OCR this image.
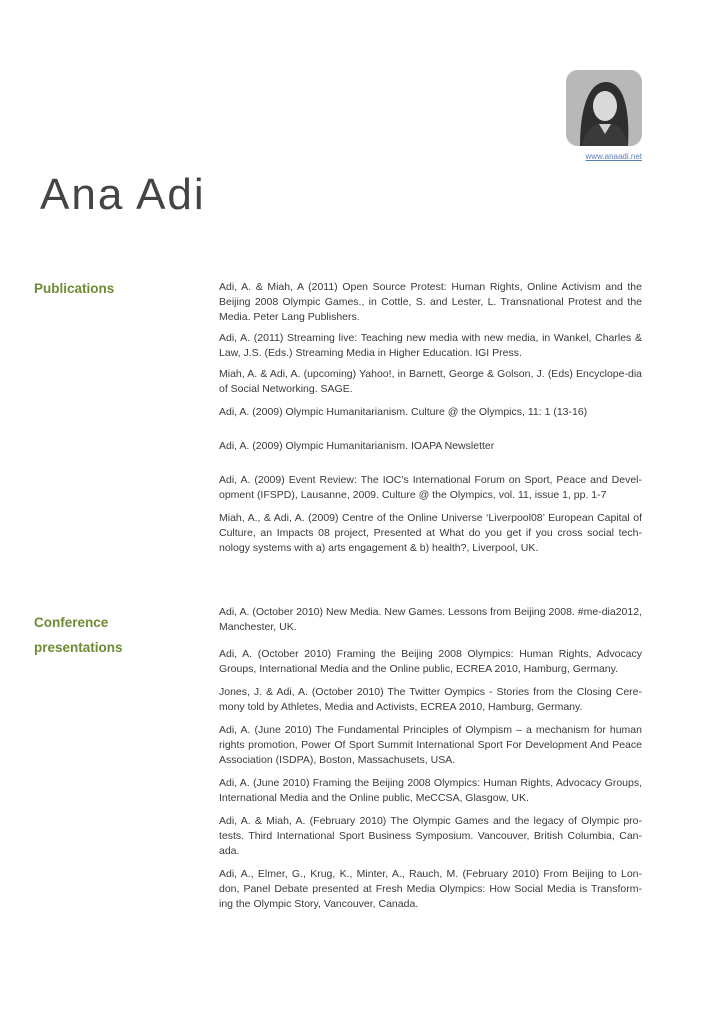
www.anaadi.net
Ana Adi
Publications	Adi, A. & Miah, A (2011) Open Source Protest: Human Rights, Online Activism and the Beijing 2008 Olympic Games., in Cottle, S. and Lester, L. Transnational Protest and the Media. Peter Lang Publishers.

Adi, A. (2011) Streaming live: Teaching new media with new media, in Wankel, Charles & Law, J.S. (Eds.) Streaming Media in Higher Education. IGI Press.

Miah, A. & Adi, A. (upcoming) Yahoo!, in Barnett, George & Golson, J. (Eds) Encyclope-dia of Social Networking. SAGE.

Adi, A. (2009) Olympic Humanitarianism. Culture @ the Olympics, 11: 1 (13-16)

Adi, A. (2009) Olympic Humanitarianism. IOAPA Newsletter

Adi, A. (2009) Event Review: The IOC’s International Forum on Sport, Peace and Devel-opment (IFSPD), Lausanne, 2009. Culture @ the Olympics, vol. 11, issue 1, pp. 1-7

Miah, A., & Adi, A. (2009) Centre of the Online Universe ‘Liverpool08’ European Capital of Culture, an Impacts 08 project, Presented at What do you get if you cross social tech-nology systems with a) arts engagement & b) health?, Liverpool, UK.

Conference
presentations

Adi, A. (October 2010) New Media. New Games. Lessons from Beijing 2008. #me-dia2012, Manchester, UK.

Adi, A. (October 2010) Framing the Beijing 2008 Olympics: Human Rights, Advocacy Groups, International Media and the Online public, ECREA 2010, Hamburg, Germany.

Jones, J. & Adi, A. (October 2010) The Twitter Oympics - Stories from the Closing Cere-mony told by Athletes, Media and Activists, ECREA 2010, Hamburg, Germany.

Adi, A. (June 2010) The Fundamental Principles of Olympism – a mechanism for human rights promotion, Power Of Sport Summit International Sport For Development And Peace Association (ISDPA), Boston, Massachusets, USA.

Adi, A. (June 2010) Framing the Beijing 2008 Olympics: Human Rights, Advocacy Groups, International Media and the Online public, MeCCSA, Glasgow, UK.

Adi, A. & Miah, A. (February 2010) The Olympic Games and the legacy of Olympic pro-tests. Third International Sport Business Symposium. Vancouver, British Columbia, Can-ada.

Adi, A., Elmer, G., Krug, K., Minter, A., Rauch, M. (February 2010) From Beijing to Lon-don, Panel Debate presented at Fresh Media Olympics: How Social Media is Transform-ing the Olympic Story, Vancouver, Canada.
